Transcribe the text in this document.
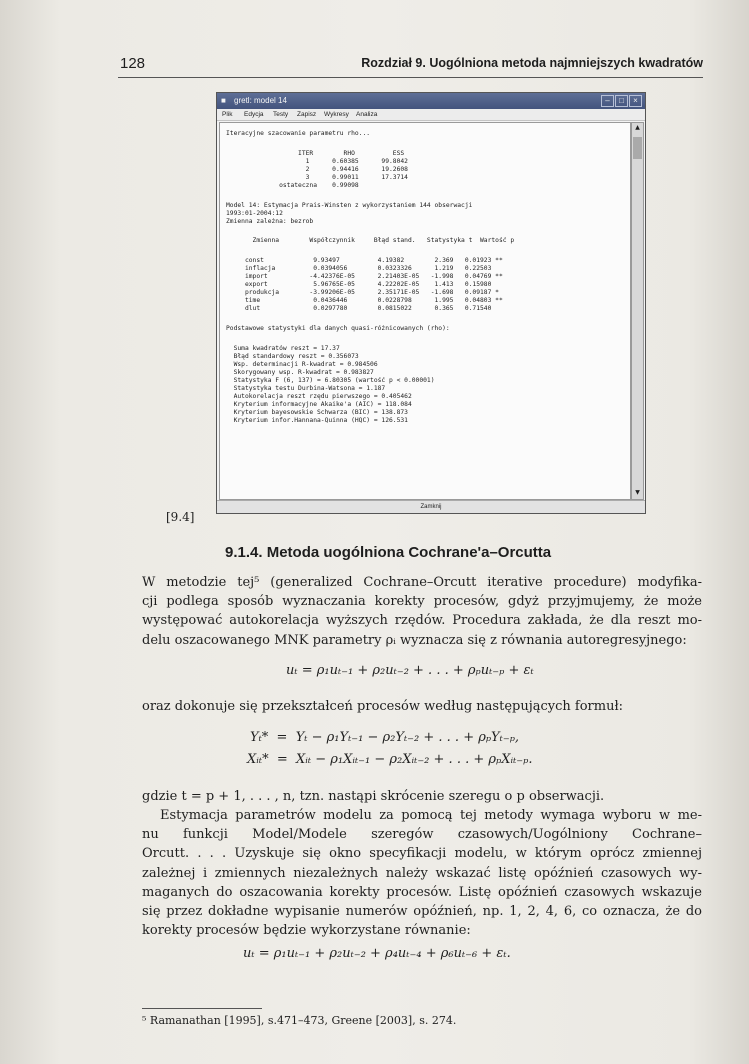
128	Rozdział 9. Uogólniona metoda najmniejszych kwadratów
■ gretl: model 14	–	□	×
Plik Edycja Testy Zapisz Wykresy Analiza
Iteracyjne szacowanie parametru rho...
ITER        RHO          ESS
1      0.60385      99.8042
2      0.94416      19.2608
3      0.99011      17.3714
ostateczna    0.99098
Model 14: Estymacja Prais-Winsten z wykorzystaniem 144 obserwacji
1993:01-2004:12
Zmienna zależna: bezrob
Zmienna        Współczynnik     Błąd stand.   Statystyka t  Wartość p
const             9.93497          4.19382        2.369   0.01923 **
inflacja          0.0394056        0.0323326      1.219   0.22503
import           -4.42376E-05      2.21403E-05   -1.998   0.04769 **
export            5.96765E-05      4.22202E-05    1.413   0.15980
produkcja        -3.99206E-05      2.35171E-05   -1.698   0.09187 *
time              0.0436446        0.0228798      1.995   0.04803 **
dlut              0.0297780        0.0815022      0.365   0.71540
Podstawowe statystyki dla danych quasi-różnicowanych (rho):
Suma kwadratów reszt = 17.37
Błąd standardowy reszt = 0.356073
Wsp. determinacji R-kwadrat = 0.984506
Skorygowany wsp. R-kwadrat = 0.983827
Statystyka F (6, 137) = 6.80305 (wartość p < 0.00001)
Statystyka testu Durbina-Watsona = 1.187
Autokorelacja reszt rzędu pierwszego = 0.405462
Kryterium informacyjne Akaike'a (AIC) = 118.084
Kryterium bayesowskie Schwarza (BIC) = 138.873
Kryterium infor.Hannana-Quinna (HQC) = 126.531
▲
▼
Zamknij
[9.4]
9.1.4. Metoda uogólniona Cochrane'a–Orcutta
W metodzie tej⁵ (generalized Cochrane–Orcutt iterative procedure) modyfika-
cji podlega sposób wyznaczania korekty procesów, gdyż przyjmujemy, że może
występować autokorelacja wyższych rzędów. Procedura zakłada, że dla reszt mo-
delu oszacowanego MNK parametry ρᵢ wyznacza się z równania autoregresyjnego:
uₜ = ρ₁uₜ₋₁ + ρ₂uₜ₋₂ + . . . + ρₚuₜ₋ₚ + εₜ
oraz dokonuje się przekształceń procesów według następujących formuł:
Yₜ*  =  Yₜ − ρ₁Yₜ₋₁ − ρ₂Yₜ₋₂ + . . . + ρₚYₜ₋ₚ,
Xᵢₜ*  =  Xᵢₜ − ρ₁Xᵢₜ₋₁ − ρ₂Xᵢₜ₋₂ + . . . + ρₚXᵢₜ₋ₚ.
gdzie t = p + 1, . . . , n, tzn. nastąpi skrócenie szeregu o p obserwacji.
Estymacja parametrów modelu za pomocą tej metody wymaga wyboru w me-
nu funkcji Model/Modele szeregów czasowych/Uogólniony Cochrane–
Orcutt. . . . Uzyskuje się okno specyfikacji modelu, w którym oprócz zmiennej
zależnej i zmiennych niezależnych należy wskazać listę opóźnień czasowych wy-
maganych do oszacowania korekty procesów. Listę opóźnień czasowych wskazuje
się przez dokładne wypisanie numerów opóźnień, np. 1, 2, 4, 6, co oznacza, że do
korekty procesów będzie wykorzystane równanie:
uₜ = ρ₁uₜ₋₁ + ρ₂uₜ₋₂ + ρ₄uₜ₋₄ + ρ₆uₜ₋₆ + εₜ.
⁵ Ramanathan [1995], s.471–473, Greene [2003], s. 274.
